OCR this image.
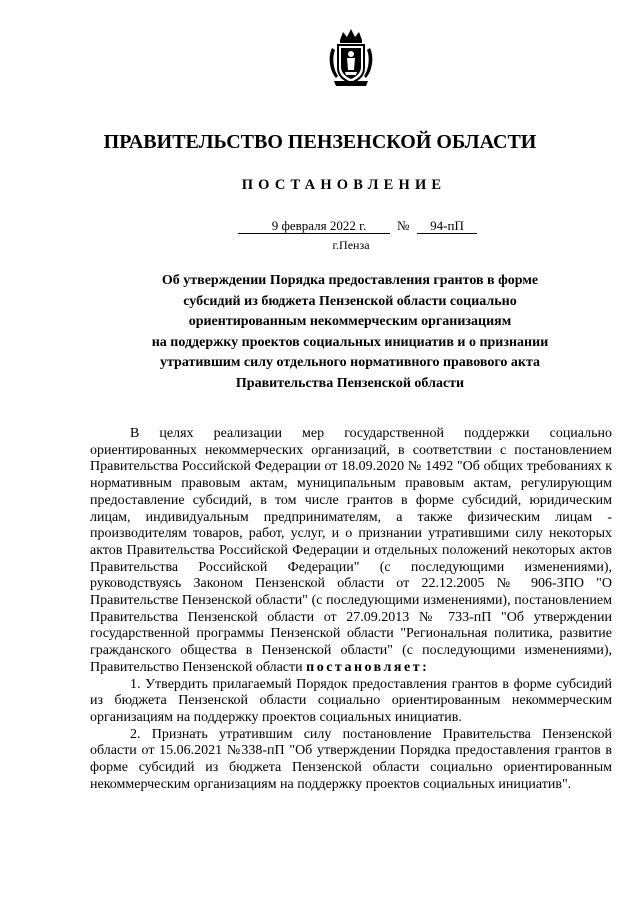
ПРАВИТЕЛЬСТВО ПЕНЗЕНСКОЙ ОБЛАСТИ
ПОСТАНОВЛЕНИЕ
9 февраля 2022 г.	№	94-пП
г.Пенза
Об утверждении Порядка предоставления грантов в форме
субсидий из бюджета Пензенской области социально
ориентированным некоммерческим организациям
на поддержку проектов социальных инициатив и о признании
утратившим силу отдельного нормативного правового акта
Правительства Пензенской области

В целях реализации мер государственной поддержки социально ориентированных некоммерческих организаций, в соответствии с постановлением Правительства Российской Федерации от 18.09.2020 № 1492 "Об общих требованиях к нормативным правовым актам, муниципальным правовым актам, регулирующим предоставление субсидий, в том числе грантов в форме субсидий, юридическим лицам, индивидуальным предпринимателям, а также физическим лицам - производителям товаров, работ, услуг, и о признании утратившими силу некоторых актов Правительства Российской Федерации и отдельных положений некоторых актов Правительства Российской Федерации" (с последующими изменениями), руководствуясь Законом Пензенской области от 22.12.2005 № 906-ЗПО "О Правительстве Пензенской области" (с последующими изменениями), постановлением Правительства Пензенской области от 27.09.2013 № 733-пП "Об утверждении государственной программы Пензенской области "Региональная политика, развитие гражданского общества в Пензенской области" (с последующими изменениями), Правительство Пензенской области постановляет:

1. Утвердить прилагаемый Порядок предоставления грантов в форме субсидий из бюджета Пензенской области социально ориентированным некоммерческим организациям на поддержку проектов социальных инициатив.

2. Признать утратившим силу постановление Правительства Пензенской области от 15.06.2021 №338-пП "Об утверждении Порядка предоставления грантов в форме субсидий из бюджета Пензенской области социально ориентированным некоммерческим организациям на поддержку проектов социальных инициатив".
